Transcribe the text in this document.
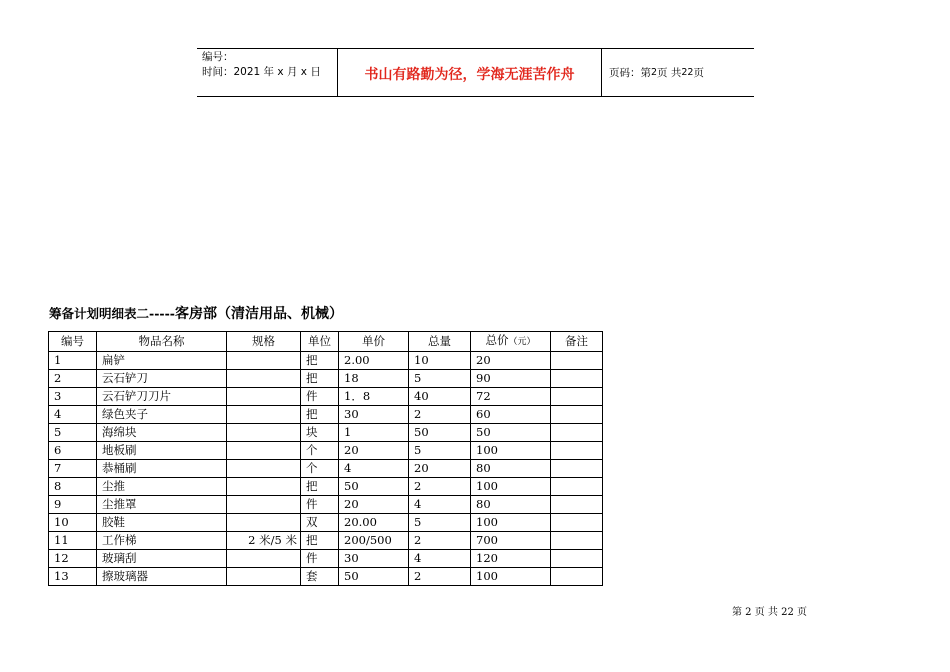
编号：
时间：2021 年 x 月 x 日	书山有路勤为径，学海无涯苦作舟	页码：第 2 页 共 22 页
筹备计划明细表二-----客房部（清洁用品、机械）
编号	物品名称	规格	单位	单价	总量	总价（元）	备注
1	扁铲		把	2.00	10	20	
2	云石铲刀		把	18	5	90	
3	云石铲刀刀片		件	1．8	40	72	
4	绿色夹子		把	30	2	60	
5	海绵块		块	1	50	50	
6	地板刷		个	20	5	100	
7	恭桶刷		个	4	20	80	
8	尘推		把	50	2	100	
9	尘推罩		件	20	4	80	
10	胶鞋		双	20.00	5	100	
11	工作梯	2 米/5 米	把	200/500	2	700	
12	玻璃刮		件	30	4	120	
13	擦玻璃器		套	50	2	100	
第 2 页 共 22 页
